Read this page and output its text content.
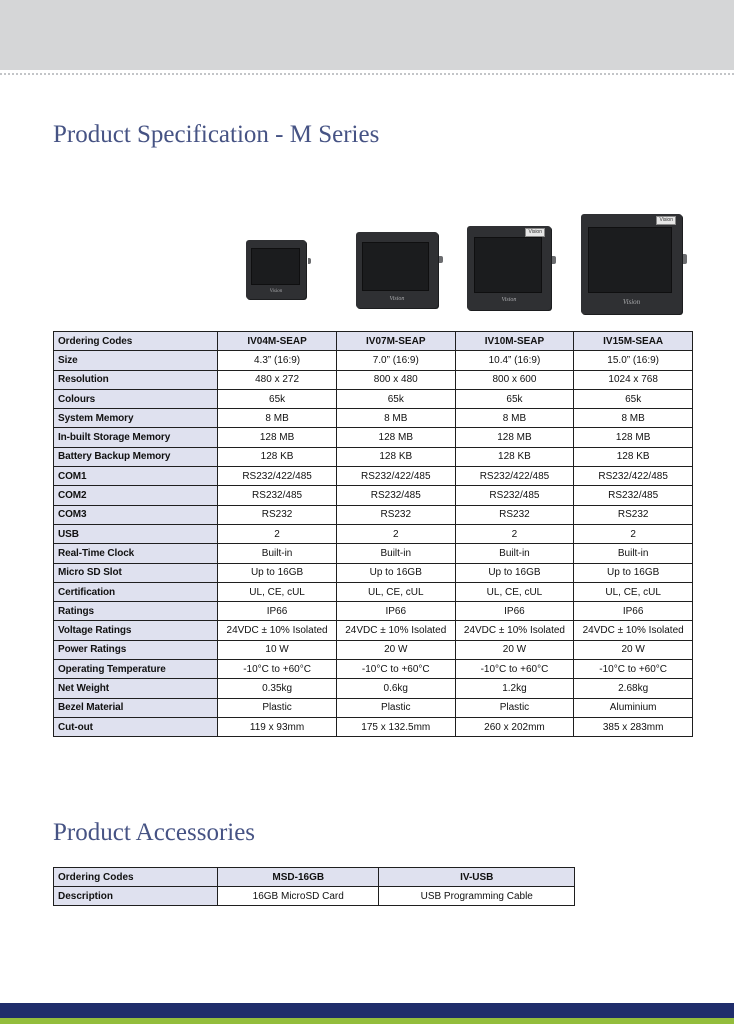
Product Specification - M Series
Vision
Vision	Vision
Vision
Vision
Vision
Ordering Codes	IV04M-SEAP	IV07M-SEAP	IV10M-SEAP	IV15M-SEAA
Size	4.3” (16:9)	7.0” (16:9)	10.4” (16:9)	15.0” (16:9)
Resolution	480 x 272	800 x 480	800 x 600	1024 x 768
Colours	65k	65k	65k	65k
System Memory	8 MB	8 MB	8 MB	8 MB
In-built Storage Memory	128 MB	128 MB	128 MB	128 MB
Battery Backup Memory	128 KB	128 KB	128 KB	128 KB
COM1	RS232/422/485	RS232/422/485	RS232/422/485	RS232/422/485
COM2	RS232/485	RS232/485	RS232/485	RS232/485
COM3	RS232	RS232	RS232	RS232
USB	2	2	2	2
Real-Time Clock	Built-in	Built-in	Built-in	Built-in
Micro SD Slot	Up to 16GB	Up to 16GB	Up to 16GB	Up to 16GB
Certification	UL, CE, cUL	UL, CE, cUL	UL, CE, cUL	UL, CE, cUL
Ratings	IP66	IP66	IP66	IP66
Voltage Ratings	24VDC ± 10% Isolated	24VDC ± 10% Isolated	24VDC ± 10% Isolated	24VDC ± 10% Isolated
Power Ratings	10 W	20 W	20 W	20 W
Operating Temperature	-10°C to +60°C	-10°C to +60°C	-10°C to +60°C	-10°C to +60°C
Net Weight	0.35kg	0.6kg	1.2kg	2.68kg
Bezel Material	Plastic	Plastic	Plastic	Aluminium
Cut-out	119 x 93mm	175 x 132.5mm	260 x 202mm	385 x 283mm
Product Accessories
Ordering Codes	MSD-16GB	IV-USB
Description	16GB MicroSD Card	USB Programming Cable
